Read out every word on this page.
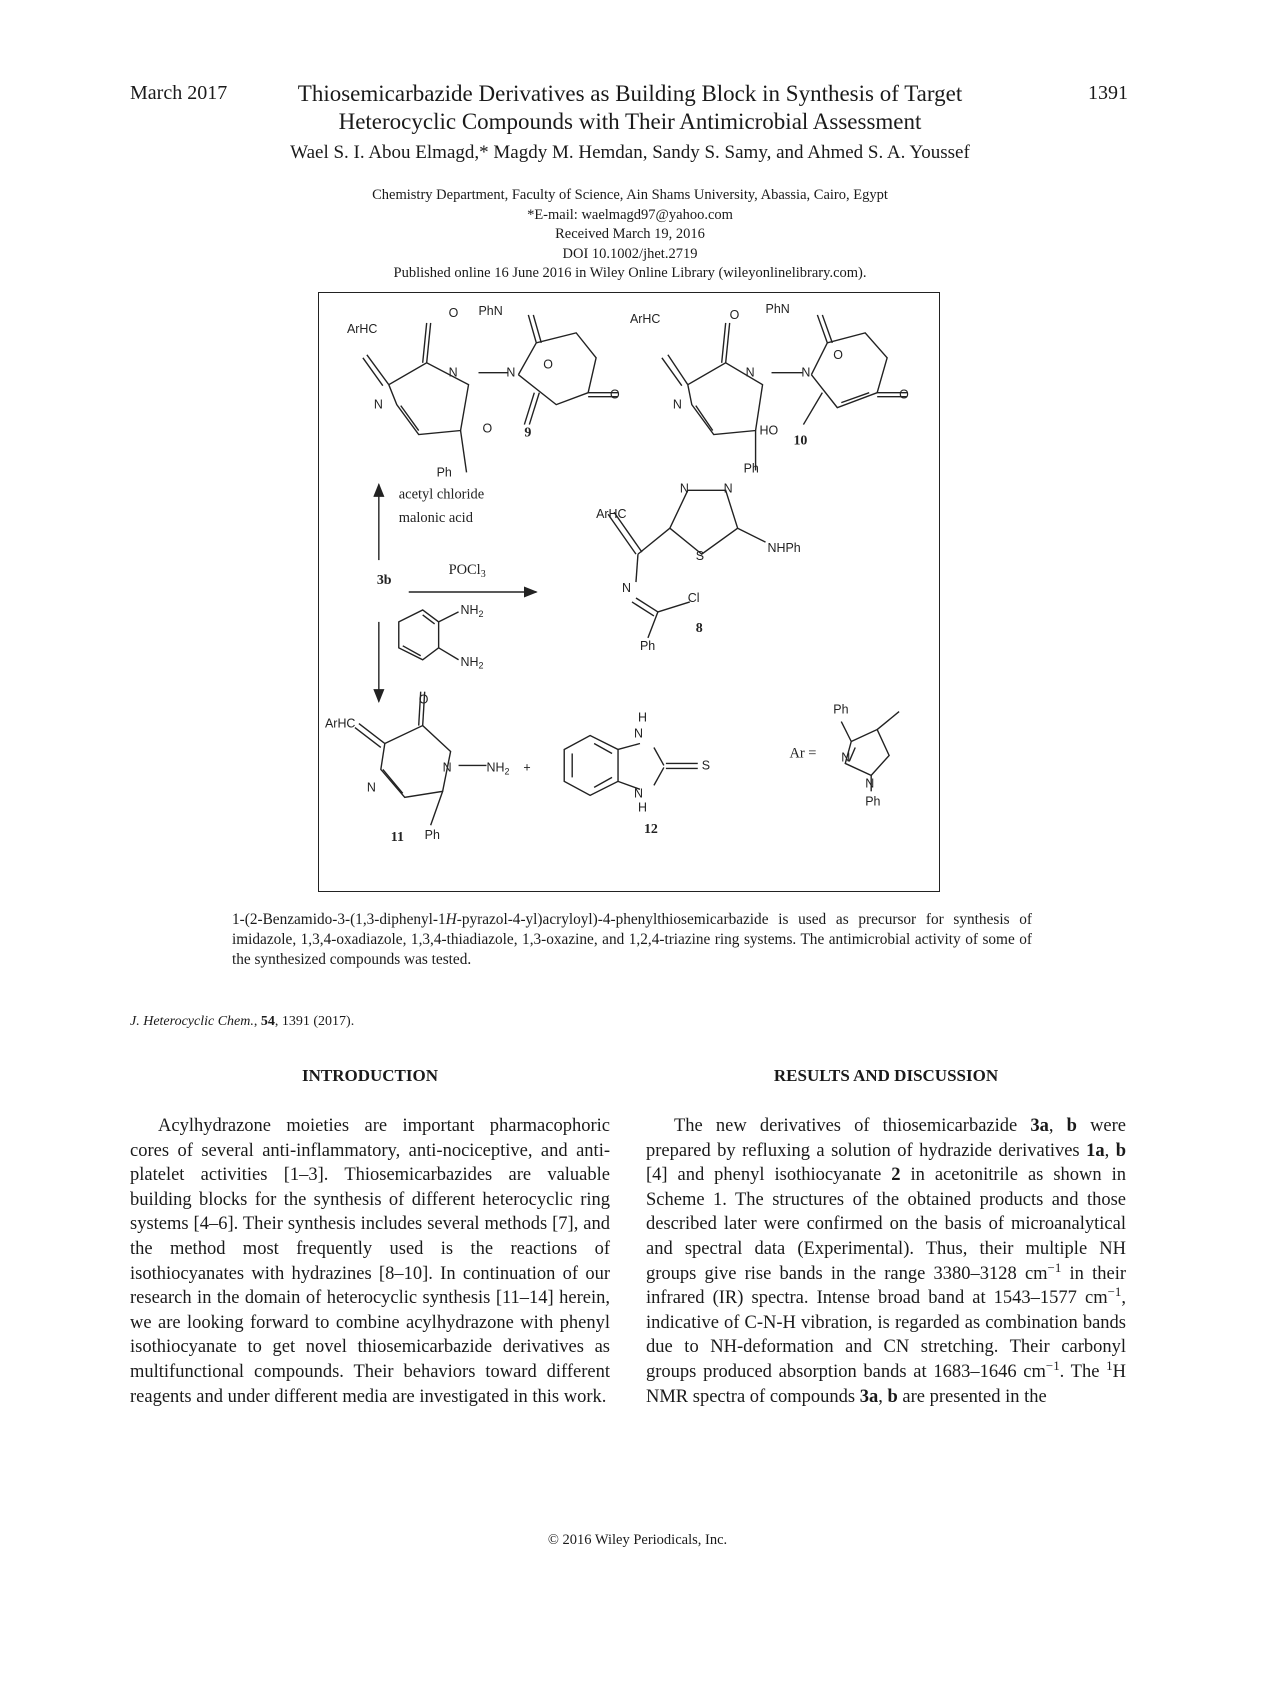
March 2017	Thiosemicarbazide Derivatives as Building Block in Synthesis of Target
Heterocyclic Compounds with Their Antimicrobial Assessment
1391
Wael S. I. Abou Elmagd,* Magdy M. Hemdan, Sandy S. Samy, and Ahmed S. A. Youssef
Chemistry Department, Faculty of Science, Ain Shams University, Abassia, Cairo, Egypt
*E-mail: waelmagd97@yahoo.com
Received March 19, 2016
DOI 10.1002/jhet.2719
Published online 16 June 2016 in Wiley Online Library (wileyonlinelibrary.com).
ArHC
PhN
O
O
O
O
N
N	N
Ph
ArHC
PhN
O
O
O
HO
N
N	N
Ph
ArHC
N	N
S
NHPh
N
Cl
Ph
$NH_2$
$NH_2$
ArHC
O
N	$NH_2$
N
Ph
+
H
N
N
H
S
Ph
N
N
Ph
acetyl chloride
malonic acid
3b
POCl$_3$
9
10
8
11
12
Ar =
1-(2-Benzamido-3-(1,3-diphenyl-1H-pyrazol-4-yl)acryloyl)-4-phenylthiosemicarbazide is used as precursor for synthesis of imidazole, 1,3,4-oxadiazole, 1,3,4-thiadiazole, 1,3-oxazine, and 1,2,4-triazine ring systems. The antimicrobial activity of some of the synthesized compounds was tested.
J. Heterocyclic Chem., 54, 1391 (2017).
INTRODUCTION

Acylhydrazone moieties are important pharmacophoric cores of several anti-inflammatory, anti-nociceptive, and anti-platelet activities [1–3]. Thiosemicarbazides are valuable building blocks for the synthesis of different heterocyclic ring systems [4–6]. Their synthesis includes several methods [7], and the method most frequently used is the reactions of isothiocyanates with hydrazines [8–10]. In continuation of our research in the domain of heterocyclic synthesis [11–14] herein, we are looking forward to combine acylhydrazone with phenyl isothiocyanate to get novel thiosemicarbazide derivatives as multifunctional compounds. Their behaviors toward different reagents and under different media are investigated in this work.

RESULTS AND DISCUSSION

The new derivatives of thiosemicarbazide 3a, b were prepared by refluxing a solution of hydrazide derivatives 1a, b [4] and phenyl isothiocyanate 2 in acetonitrile as shown in Scheme 1. The structures of the obtained products and those described later were confirmed on the basis of microanalytical and spectral data (Experimental). Thus, their multiple NH groups give rise bands in the range 3380–3128 $cm^{-1}$ in their infrared (IR) spectra. Intense broad band at 1543–1577 $cm^{-1}$, indicative of C-N-H vibration, is regarded as combination bands due to NH-deformation and CN stretching. Their carbonyl groups produced absorption bands at 1683–1646 $cm^{-1}$. The $^1$H NMR spectra of compounds 3a, b are presented in the

© 2016 Wiley Periodicals, Inc.
